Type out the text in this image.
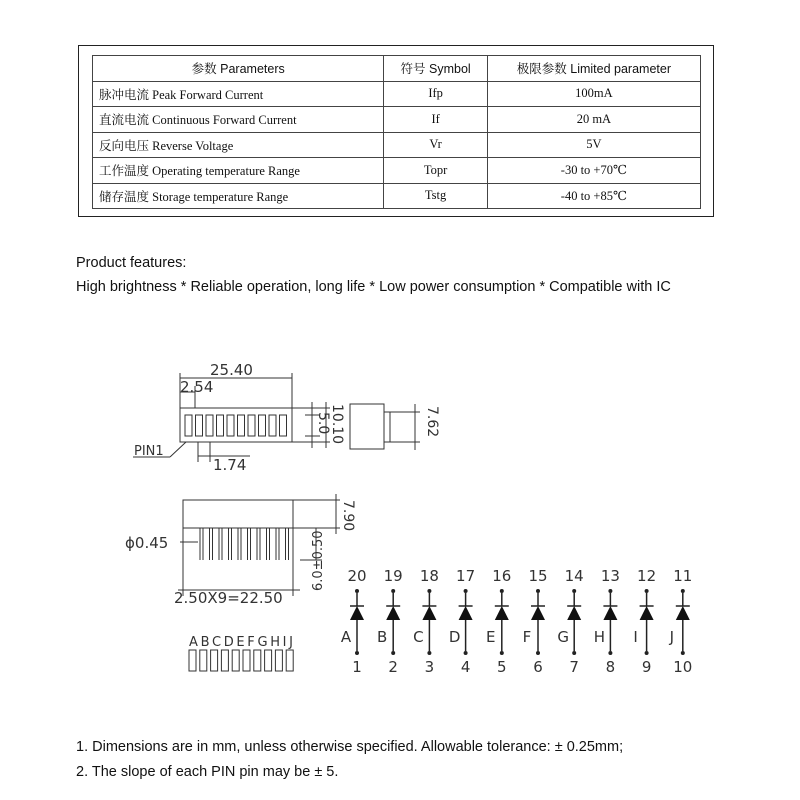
参数 Parameters	符号 Symbol	极限参数 Limited parameter
脉冲电流 Peak Forward Current	Ifp	100mA
直流电流 Continuous Forward Current	If	20 mA
反向电压 Reverse Voltage	Vr	5V
工作温度 Operating temperature Range	Topr	-30 to +70℃
储存温度 Storage temperature Range	Tstg	-40 to +85℃
Product features:
High brightness * Reliable operation, long life * Low power consumption * Compatible with IC
25.40
2.54
5.0
10.10
PIN1
1.74
7.62
ϕ0.45	6.0±0.50
7.90
2.50X9=22.50
ABCDEFGHIJ
20
A
1
19
B
2
18
C
3
17
D
4
16
E
5
15
F
6
14
G
7
13
H
8
12
I
9
11
J
10
1. Dimensions are in mm, unless otherwise specified. Allowable tolerance: ± 0.25mm;
2. The slope of each PIN pin may be ± 5.
